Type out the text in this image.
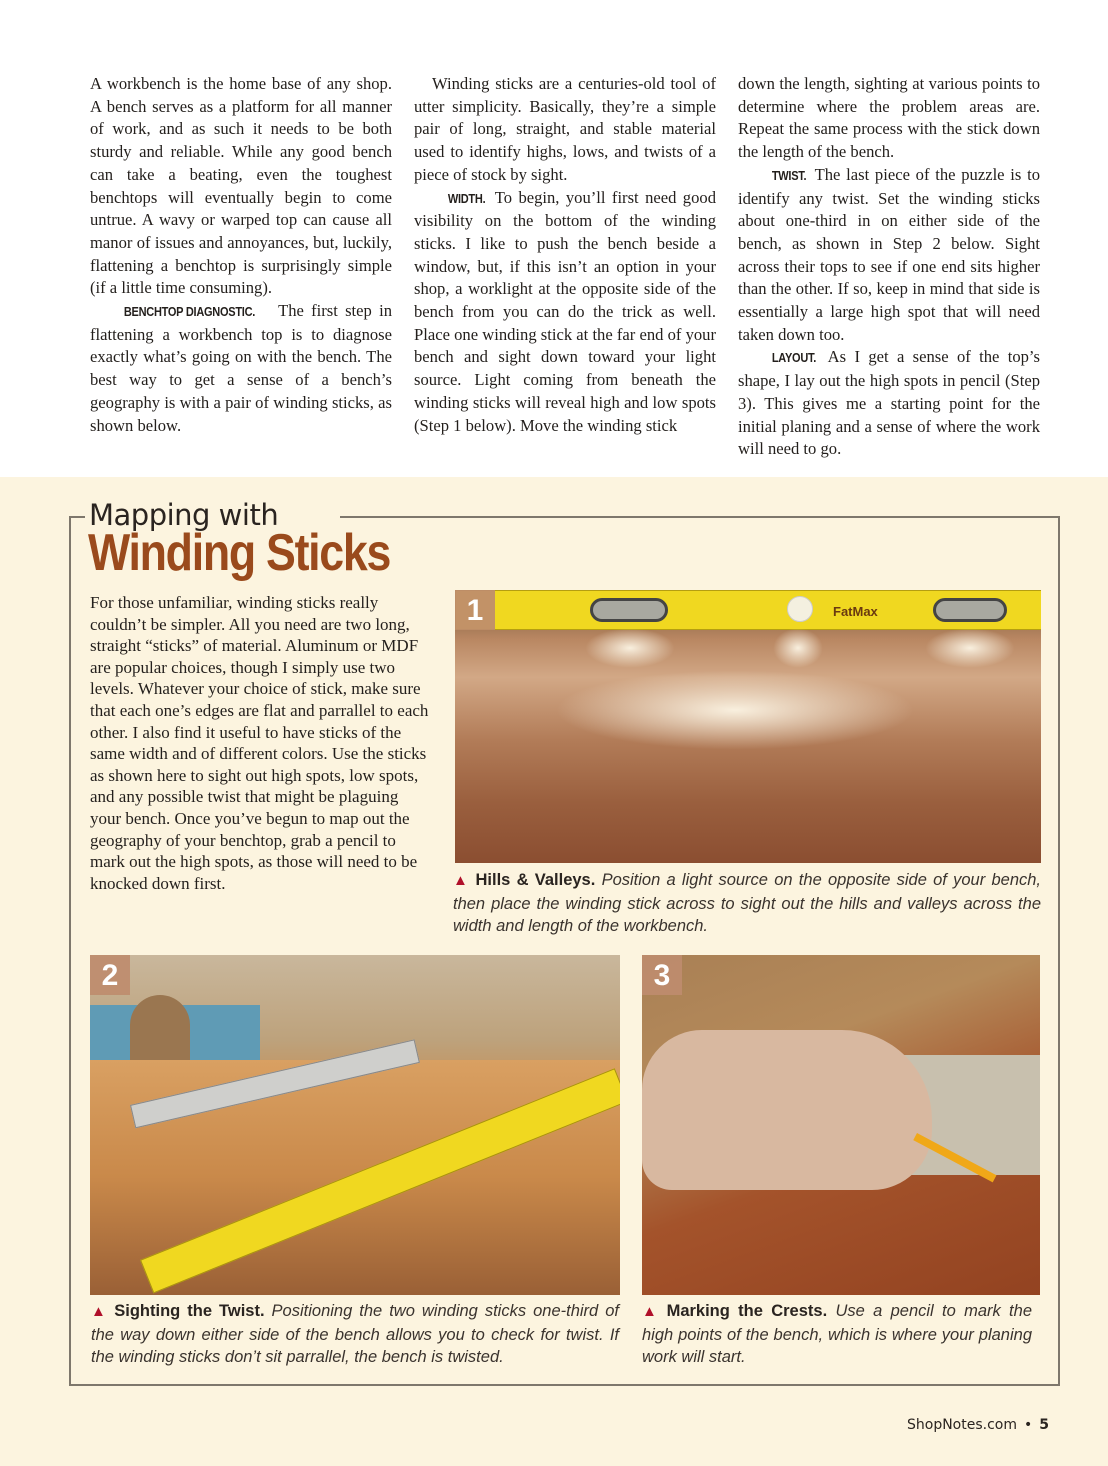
A workbench is the home base of any shop. A bench serves as a platform for all manner of work, and as such it needs to be both sturdy and reliable. While any good bench can take a beating, even the toughest benchtops will eventually begin to come untrue. A wavy or warped top can cause all manor of issues and annoyances, but, luckily, flattening a benchtop is surprisingly simple (if a little time consuming).

BENCHTOP DIAGNOSTIC. The first step in flattening a workbench top is to diagnose exactly what’s going on with the bench. The best way to get a sense of a bench’s geography is with a pair of winding sticks, as shown below.

Winding sticks are a centuries-old tool of utter simplicity. Basically, they’re a simple pair of long, straight, and stable material used to identify highs, lows, and twists of a piece of stock by sight.

WIDTH. To begin, you’ll first need good visibility on the bottom of the winding sticks. I like to push the bench beside a window, but, if this isn’t an option in your shop, a worklight at the opposite side of the bench from you can do the trick as well. Place one winding stick at the far end of your bench and sight down toward your light source. Light coming from beneath the winding sticks will reveal high and low spots (Step 1 below). Move the winding stick

down the length, sighting at various points to determine where the problem areas are. Repeat the same process with the stick down the length of the bench.

TWIST. The last piece of the puzzle is to identify any twist. Set the winding sticks about one-third in on either side of the bench, as shown in Step 2 below. Sight across their tops to see if one end sits higher than the other. If so, keep in mind that side is essentially a large high spot that will need taken down too.

LAYOUT. As I get a sense of the top’s shape, I lay out the high spots in pencil (Step 3). This gives me a starting point for the initial planing and a sense of where the work will need to go.

Mapping with
Winding Sticks
For those unfamiliar, winding sticks really couldn’t be simpler. All you need are two long, straight “sticks” of material. Aluminum or MDF are popular choices, though I simply use two levels. Whatever your choice of stick, make sure that each one’s edges are flat and parrallel to each other. I also find it useful to have sticks of the same width and of different colors. Use the sticks as shown here to sight out high spots, low spots, and any possible twist that might be plaguing your bench. Once you’ve begun to map out the geography of your benchtop, grab a pencil to mark out the high spots, as those will need to be knocked down first.
FatMax
1
▲ Hills & Valleys. Position a light source on the opposite side of your bench, then place the winding stick across to sight out the hills and valleys across the width and length of the workbench.
2
▲ Sighting the Twist. Positioning the two winding sticks one-third of the way down either side of the bench allows you to check for twist. If the winding sticks don’t sit parrallel, the bench is twisted.
3
▲ Marking the Crests. Use a pencil to mark the high points of the bench, which is where your planing work will start.
ShopNotes.com • 5
